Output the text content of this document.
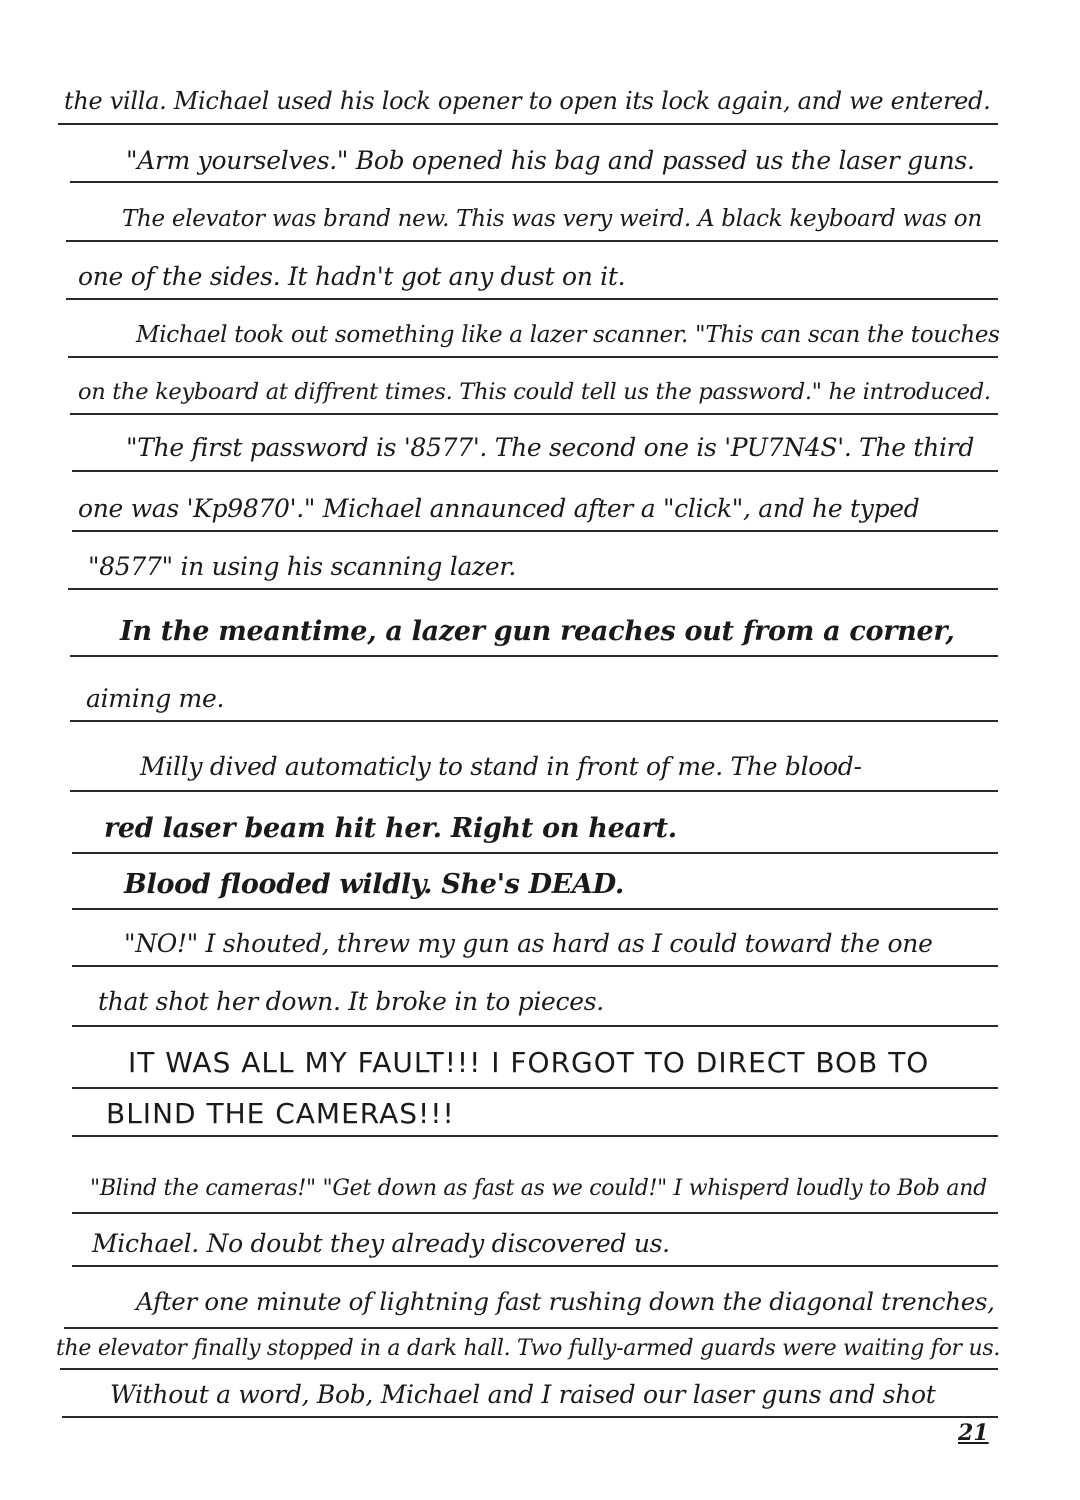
the villa. Michael used his lock opener to open its lock again, and we entered.
"Arm yourselves." Bob opened his bag and passed us the laser guns.
The elevator was brand new. This was very weird. A black keyboard was on
one of the sides. It hadn't got any dust on it.
Michael took out something like a lazer scanner. "This can scan the touches
on the keyboard at diffrent times. This could tell us the password." he introduced.
"The first password is '8577'. The second one is 'PU7N4S'. The third
one was 'Kp9870'." Michael annaunced after a "click", and he typed
"8577" in using his scanning lazer.
In the meantime, a lazer gun reaches out from a corner,
aiming me.
Milly dived automaticly to stand in front of me. The blood-
red laser beam hit her. Right on heart.
Blood flooded wildly. She's DEAD.
"NO!" I shouted, threw my gun as hard as I could toward the one
that shot her down. It broke in to pieces.
IT WAS ALL MY FAULT!!! I FORGOT TO DIRECT BOB TO
BLIND THE CAMERAS!!!
"Blind the cameras!" "Get down as fast as we could!" I whisperd loudly to Bob and
Michael. No doubt they already discovered us.
After one minute of lightning fast rushing down the diagonal trenches,
the elevator finally stopped in a dark hall. Two fully-armed guards were waiting for us.
Without a word, Bob, Michael and I raised our laser guns and shot
21
